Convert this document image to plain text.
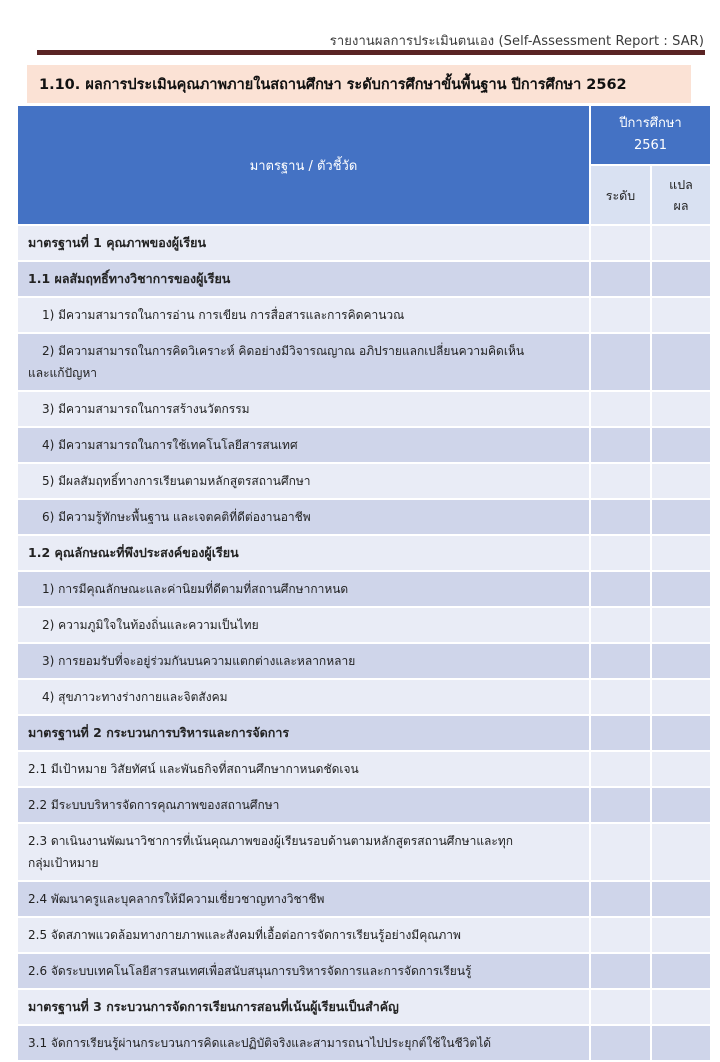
รายงานผลการประเมินตนเอง (Self-Assessment Report : SAR)
1.10. ผลการประเมินคุณภาพภายในสถานศึกษา ระดับการศึกษาขั้นพื้นฐาน ปีการศึกษา 2562
มาตรฐาน / ตัวชี้วัด	ปีการศึกษา
2561	
	ระดับ	แปล
ผล
มาตรฐานที่ 1 คุณภาพของผู้เรียน		
1.1 ผลสัมฤทธิ์ทางวิชาการของผู้เรียน		
1) มีความสามารถในการอ่าน การเขียน การสื่อสารและการคิดคานวณ		
2) มีความสามารถในการคิดวิเคราะห์ คิดอย่างมีวิจารณญาณ อภิปรายแลกเปลี่ยนความคิดเห็น
และแก้ปัญหา		
3) มีความสามารถในการสร้างนวัตกรรม		
4) มีความสามารถในการใช้เทคโนโลยีสารสนเทศ		
5) มีผลสัมฤทธิ์ทางการเรียนตามหลักสูตรสถานศึกษา		
6) มีความรู้ทักษะพื้นฐาน และเจตคติที่ดีต่องานอาชีพ		
1.2 คุณลักษณะที่พึงประสงค์ของผู้เรียน		
1) การมีคุณลักษณะและค่านิยมที่ดีตามที่สถานศึกษากาหนด		
2) ความภูมิใจในท้องถิ่นและความเป็นไทย		
3) การยอมรับที่จะอยู่ร่วมกันบนความแตกต่างและหลากหลาย		
4) สุขภาวะทางร่างกายและจิตสังคม		
มาตรฐานที่ 2 กระบวนการบริหารและการจัดการ		
2.1 มีเป้าหมาย วิสัยทัศน์ และพันธกิจที่สถานศึกษากาหนดชัดเจน		
2.2 มีระบบบริหารจัดการคุณภาพของสถานศึกษา		
2.3 ดาเนินงานพัฒนาวิชาการที่เน้นคุณภาพของผู้เรียนรอบด้านตามหลักสูตรสถานศึกษาและทุก
กลุ่มเป้าหมาย		
2.4 พัฒนาครูและบุคลากรให้มีความเชี่ยวชาญทางวิชาชีพ		
2.5 จัดสภาพแวดล้อมทางกายภาพและสังคมที่เอื้อต่อการจัดการเรียนรู้อย่างมีคุณภาพ		
2.6 จัดระบบเทคโนโลยีสารสนเทศเพื่อสนับสนุนการบริหารจัดการและการจัดการเรียนรู้		
มาตรฐานที่ 3 กระบวนการจัดการเรียนการสอนที่เน้นผู้เรียนเป็นสำคัญ		
3.1 จัดการเรียนรู้ผ่านกระบวนการคิดและปฏิบัติจริงและสามารถนาไปประยุกต์ใช้ในชีวิตได้		
